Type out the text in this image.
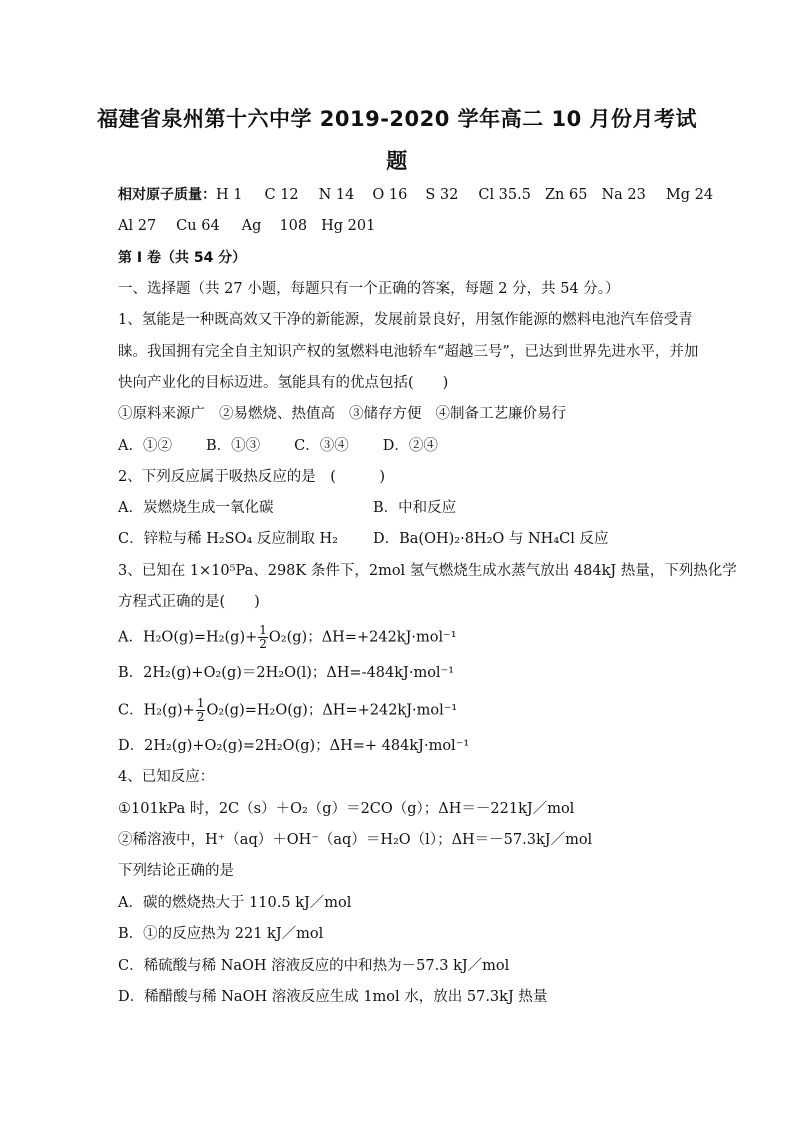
福建省泉州第十六中学 2019-2020 学年高二 10 月份月考试
题
相对原子质量：H 1 C 12 N 14 O 16 S 32 Cl 35.5 Zn 65 Na 23 Mg 24
Al 27 Cu 64 Ag 108 Hg 201
第 I 卷（共 54 分）
一、选择题（共 27 小题，每题只有一个正确的答案，每题 2 分，共 54 分。）
1、氢能是一种既高效又干净的新能源，发展前景良好，用氢作能源的燃料电池汽车倍受青
睐。我国拥有完全自主知识产权的氢燃料电池轿车“超越三号”，已达到世界先进水平，并加
快向产业化的目标迈进。氢能具有的优点包括(　　)
①原料来源广 ②易燃烧、热值高 ③储存方便 ④制备工艺廉价易行
A．①② B．①③ C．③④ D．②④
2、下列反应属于吸热反应的是　(　　　)
A．炭燃烧生成一氧化碳	B．中和反应
C．锌粒与稀 H₂SO₄ 反应制取 H₂ D．Ba(OH)₂·8H₂O 与 NH₄Cl 反应
3、已知在 1×10⁵Pa、298K 条件下，2mol 氢气燃烧生成水蒸气放出 484kJ 热量，下列热化学
方程式正确的是(　　)
A．$H_2O(g)=H_2(g)+ \frac{1}{2} O_2(g)$；ΔH=+242kJ·mol⁻¹
B．2H₂(g)+O₂(g)＝2H₂O(l)；ΔH=-484kJ·mol⁻¹
C．$H_2(g)+ \frac{1}{2} O_2(g)=H_2O(g)$；ΔH=+242kJ·mol⁻¹
D．2H₂(g)+O₂(g)=2H₂O(g)；ΔH=+ 484kJ·mol⁻¹
4、已知反应：
①101kPa 时，2C（s）＋O₂（g）＝2CO（g）；ΔH＝－221kJ／mol
②稀溶液中，H⁺（aq）＋OH⁻（aq）＝H₂O（l）；ΔH＝－57.3kJ／mol
下列结论正确的是
A．碳的燃烧热大于 110.5 kJ／mol
B．①的反应热为 221 kJ／mol
C．稀硫酸与稀 NaOH 溶液反应的中和热为－57.3 kJ／mol
D．稀醋酸与稀 NaOH 溶液反应生成 1mol 水，放出 57.3kJ 热量
